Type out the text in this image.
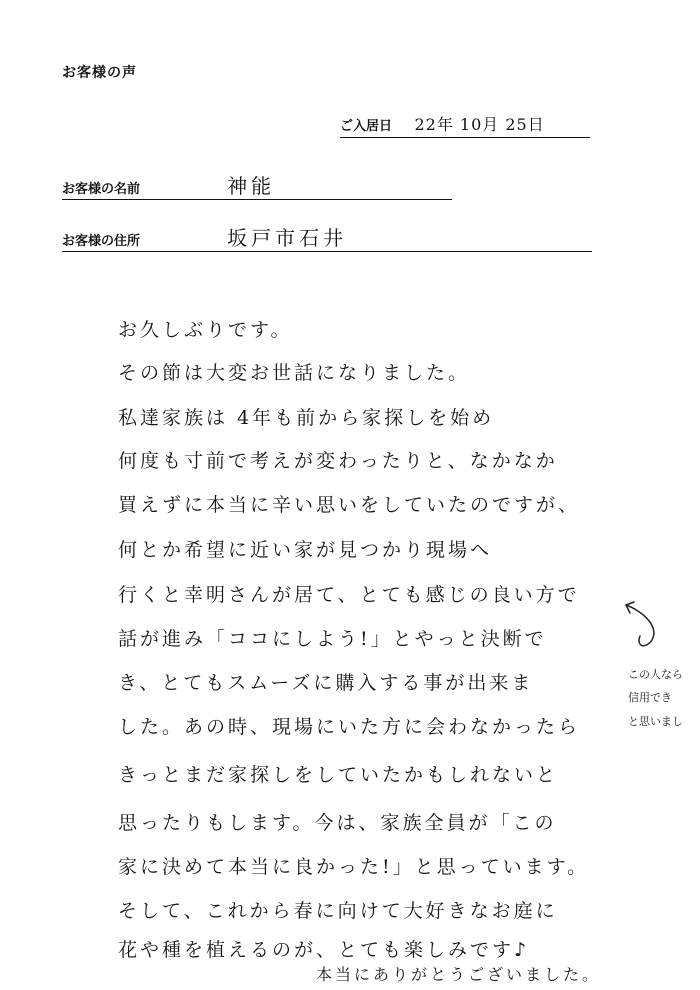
お客様の声
ご入居日 22年 10月 25日
お客様の名前	神能
お客様の住所	坂戸市石井
お久しぶりです。
その節は大変お世話になりました。
私達家族は 4年も前から家探しを始め
何度も寸前で考えが変わったりと、なかなか
買えずに本当に辛い思いをしていたのですが、
何とか希望に近い家が見つかり現場へ
行くと幸明さんが居て、とても感じの良い方で
話が進み「ココにしよう!」とやっと決断で
き、とてもスムーズに購入する事が出来ま
した。あの時、現場にいた方に会わなかったら
きっとまだ家探しをしていたかもしれないと
思ったりもします。今は、家族全員が「この
家に決めて本当に良かった!」と思っています。
そして、これから春に向けて大好きなお庭に
花や種を植えるのが、とても楽しみです♪
本当にありがとうございました。
この人なら
信用でき
と思いまし
